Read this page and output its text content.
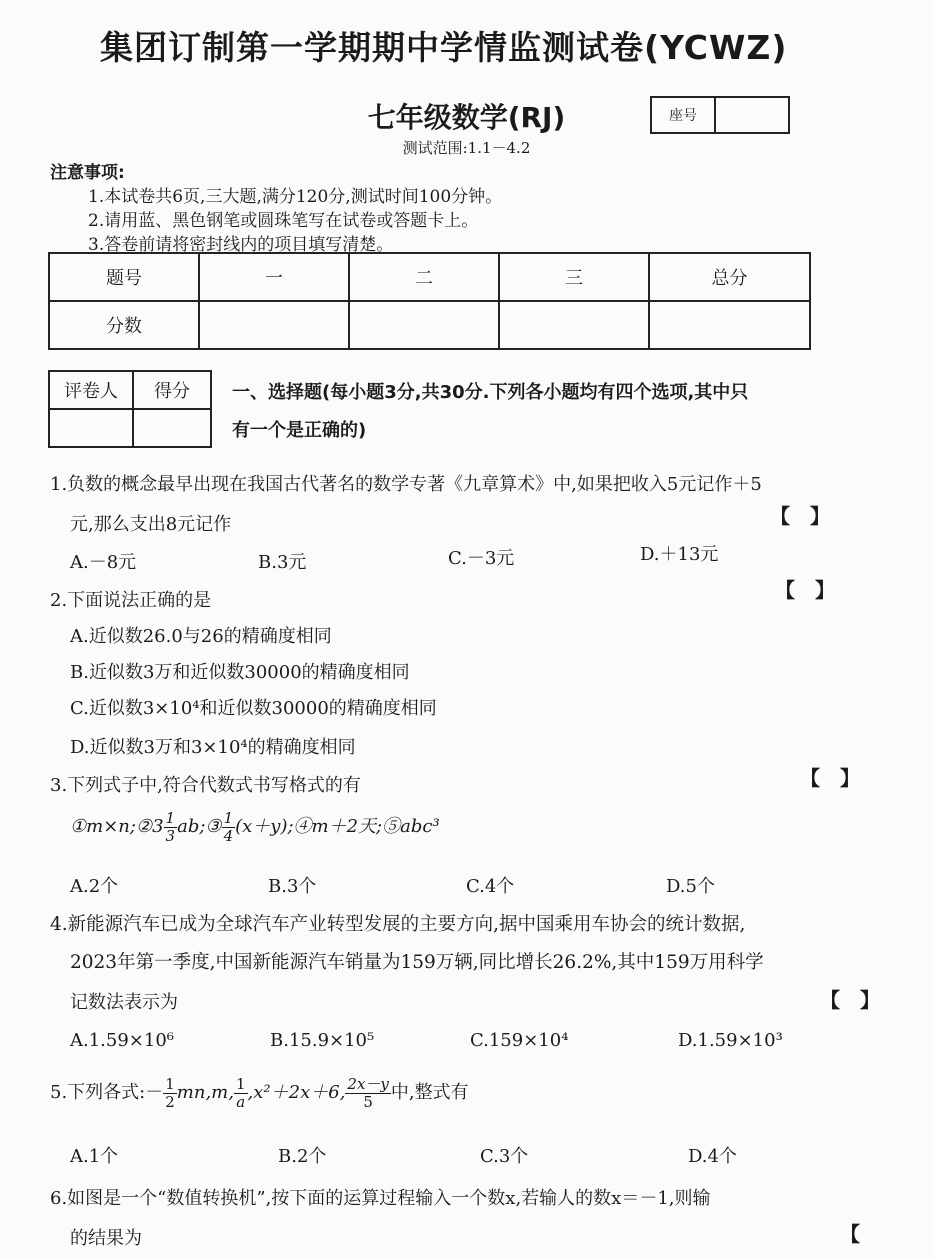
集团订制第一学期期中学情监测试卷(YCWZ)
七年级数学(RJ)	座号
测试范围:1.1－4.2
注意事项:
1.本试卷共6页,三大题,满分120分,测试时间100分钟。
2.请用蓝、黑色钢笔或圆珠笔写在试卷或答题卡上。
3.答卷前请将密封线内的项目填写清楚。
题号	一	二	三	总分
分数				
评卷人	得分
	一、选择题(每小题3分,共30分.下列各小题均有四个选项,其中只
有一个是正确的)
1.负数的概念最早出现在我国古代著名的数学专著《九章算术》中,如果把收入5元记作＋5
元,那么支出8元记作	【　】
A.－8元	B.3元	C.－3元	D.＋13元
2.下面说法正确的是	【　】
A.近似数26.0与26的精确度相同
B.近似数3万和近似数30000的精确度相同
C.近似数3×10⁴和近似数30000的精确度相同
D.近似数3万和3×10⁴的精确度相同
3.下列式子中,符合代数式书写格式的有	【　】
①m×n;②3 $\frac{1}{3}$ ab;③ $\frac{1}{4}$ (x＋y);④m＋2天;⑤abc³
A.2个	B.3个	C.4个	D.5个
4.新能源汽车已成为全球汽车产业转型发展的主要方向,据中国乘用车协会的统计数据,
2023年第一季度,中国新能源汽车销量为159万辆,同比增长26.2%,其中159万用科学
记数法表示为	【　】
A.1.59×10⁶	B.15.9×10⁵	C.159×10⁴	D.1.59×10³
5.下列各式:－ $\frac{1}{2} mn,m$, $\frac{1}{a} ,x^2+2x+6$, $\frac{2x-y}{5}$ 中,整式有
A.1个	B.2个	C.3个	D.4个
6.如图是一个“数值转换机”,按下面的运算过程输入一个数x,若输人的数x＝－1,则输
的结果为	【
